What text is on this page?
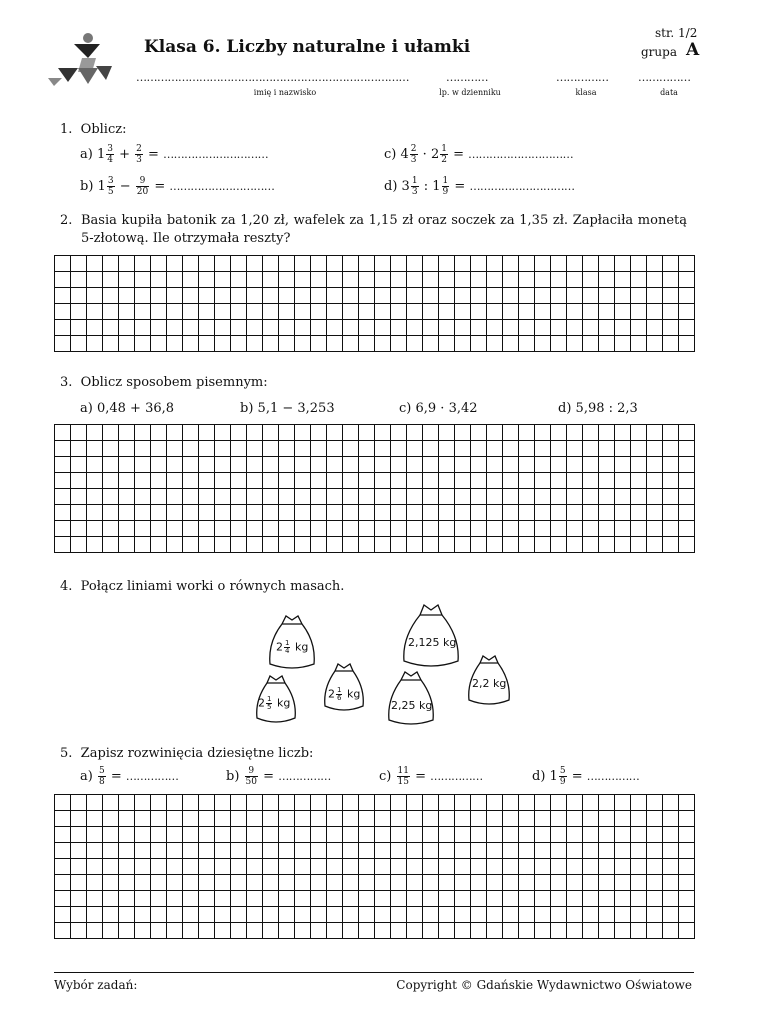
Klasa 6. Liczby naturalne i ułamki
str. 1/2
grupa A
……………………………………………………………………
imię i nazwisko
…………
lp. w dzienniku
……………
klasa
……………
data
1. Oblicz:
a) $1 \frac{3}{4} + \frac{2}{3}$ = …………………………
b) $1 \frac{3}{5} - \frac{9}{20}$ = …………………………
c) $4 \frac{2}{3} \cdot 2 \frac{1}{2}$ = …………………………
d) $3 \frac{1}{3}$ : $1 \frac{1}{9}$ = …………………………
2. Basia kupiła batonik za 1,20 zł, wafelek za 1,15 zł oraz soczek za 1,35 zł. Zapłaciła monetą 5-złotową. Ile otrzymała reszty?
3. Oblicz sposobem pisemnym:
a) 0,48 + 36,8	b) 5,1 − 3,253	c) 6,9 · 3,42	d) 5,98 : 2,3
4. Połącz liniami worki o równych masach.
$2 \frac{1}{4}$ kg	2,125 kg
$2 \frac{1}{6}$ kg
2,2 kg
$2 \frac{1}{5}$ kg	2,25 kg
5. Zapisz rozwinięcia dziesiętne liczb:
$a) \frac{5}{8}$ = ……………	$b) \frac{9}{50}$ = ……………	$c) \frac{11}{15}$ = ……………	d) $1 \frac{5}{9}$ = ……………
Wybór zadań:	Copyright © Gdańskie Wydawnictwo Oświatowe
